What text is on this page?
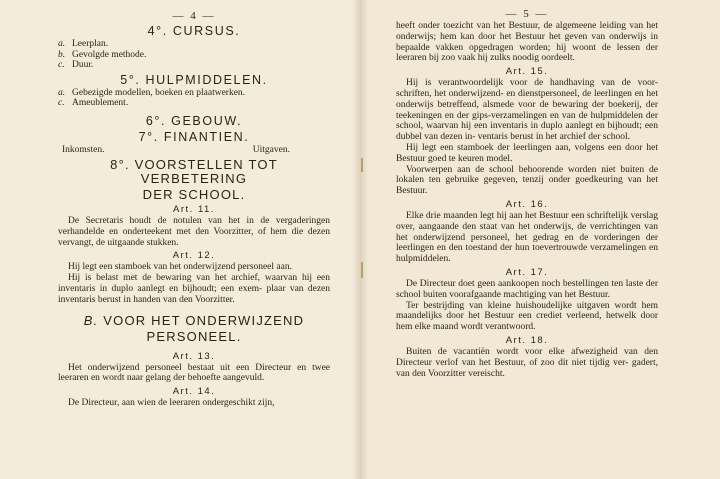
— 4 —
4°. CURSUS.
a. Leerplan.
b. Gevolgde methode.
c. Duur.
5°. HULPMIDDELEN.
a. Gebezigde modellen, boeken en plaatwerken.
c. Ameublement.
6°. GEBOUW.
7°. FINANTIEN.
Inkomsten.	Uitgaven.
8°. VOORSTELLEN TOT VERBETERING
DER SCHOOL.
Art. 11.

De Secretaris houdt de notulen van het in de vergaderingen verhandelde en onderteekent met den Voorzitter, of hem die dezen vervangt, de uitgaande stukken.

Art. 12.

Hij legt een stamboek van het onderwijzend personeel aan.

Hij is belast met de bewaring van het archief, waarvan hij een inventaris in duplo aanlegt en bijhoudt; een exem- plaar van dezen inventaris berust in handen van den Voorzitter.

B. VOOR HET ONDERWIJZEND
PERSONEEL.
Art. 13.

Het onderwijzend personeel bestaat uit een Directeur en twee leeraren en wordt naar gelang der behoefte aangevuld.

Art. 14.

De Directeur, aan wien de leeraren ondergeschikt zijn,

— 5 —

heeft onder toezicht van het Bestuur, de algemeene leiding van het onderwijs; hem kan door het Bestuur het geven van onderwijs in bepaalde vakken opgedragen worden; hij woont de lessen der leeraren bij zoo vaak hij zulks noodig oordeelt.

Art. 15.

Hij is verantwoordelijk voor de handhaving van de voor- schriften, het onderwijzend- en dienstpersoneel, de leerlingen en het onderwijs betreffend, alsmede voor de bewaring der boekerij, der teekeningen en der gips-verzamelingen en van de hulpmiddelen der school, waarvan hij een inventaris in duplo aanlegt en bijhoudt; een dubbel van dezen in- ventaris berust in het archief der school.

Hij legt een stamboek der leerlingen aan, volgens een door het Bestuur goed te keuren model.

Voorwerpen aan de school behoorende worden niet buiten de lokalen ten gebruike gegeven, tenzij onder goedkeuring van het Bestuur.

Art. 16.

Elke drie maanden legt hij aan het Bestuur een schriftelijk verslag over, aangaande den staat van het onderwijs, de verrichtingen van het onderwijzend personeel, het gedrag en de vorderingen der leerlingen en den toestand der hun toevertrouwde verzamelingen en hulpmiddelen.

Art. 17.

De Directeur doet geen aankoopen noch bestellingen ten laste der school buiten voorafgaande machtiging van het Bestuur.

Ter bestrijding van kleine huishoudelijke uitgaven wordt hem maandelijks door het Bestuur een crediet verleend, hetwelk door hem elke maand wordt verantwoord.

Art. 18.

Buiten de vacantiën wordt voor elke afwezigheid van den Directeur verlof van het Bestuur, of zoo dit niet tijdig ver- gadert, van den Voorzitter vereischt.
